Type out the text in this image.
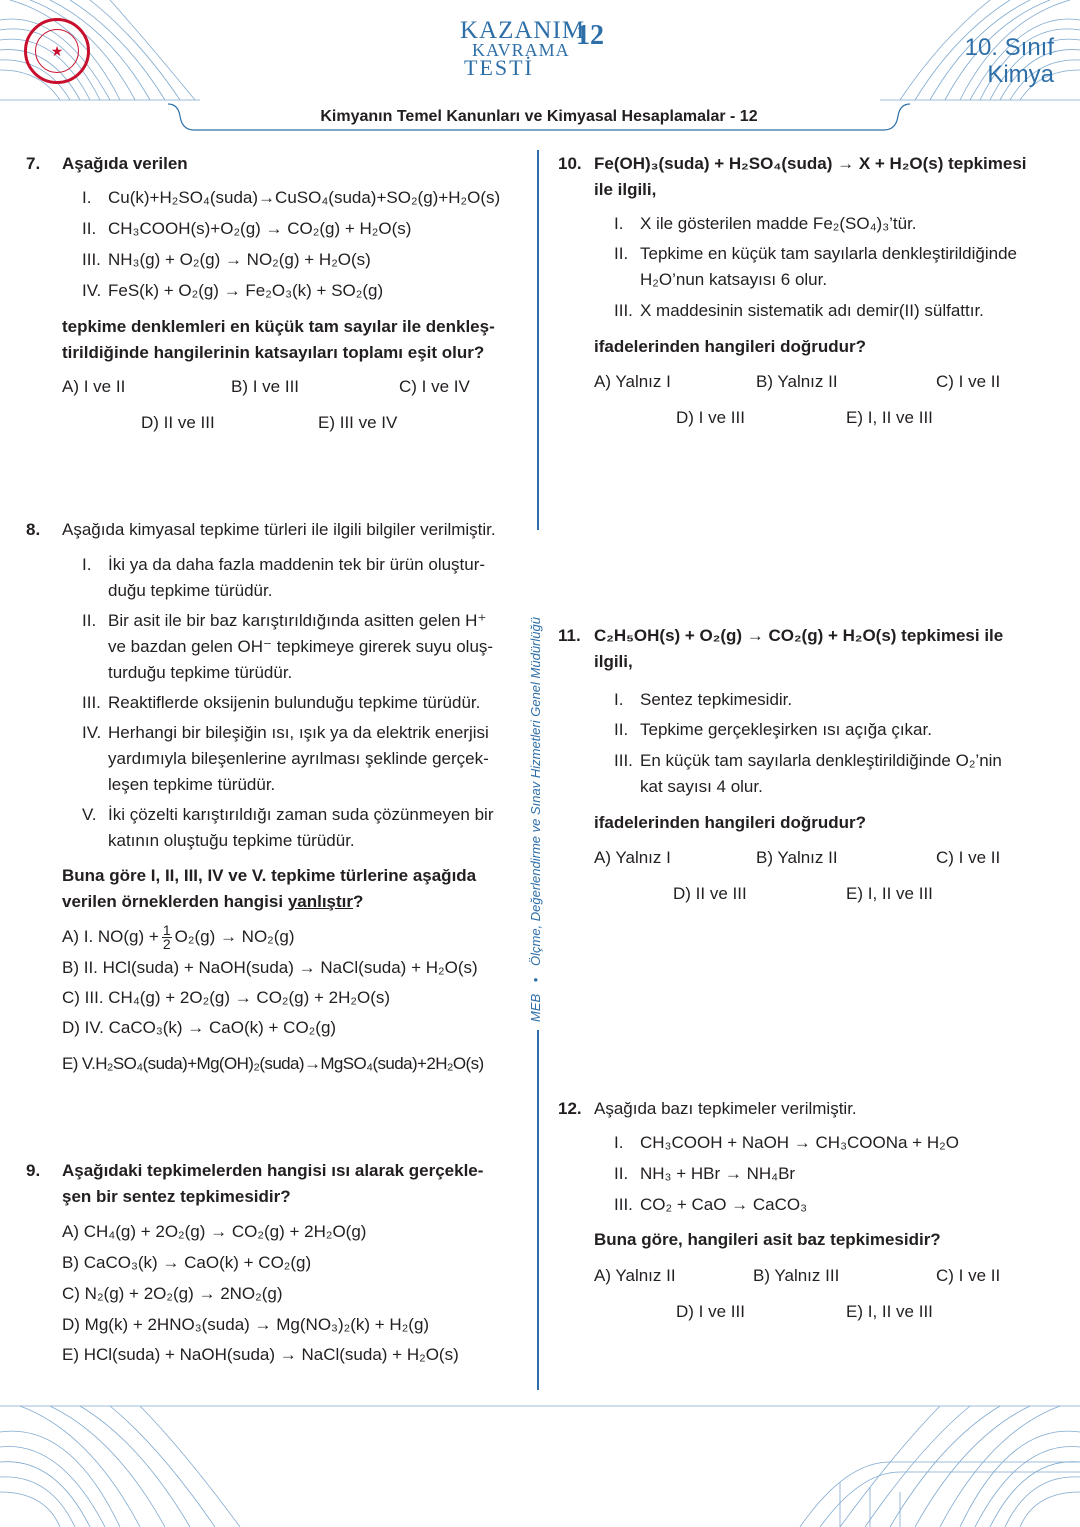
★
KAZANIM
KAVRAMA
TESTİ
12	10. Sınıf
Kimya
Kimyanın Temel Kanunları ve Kimyasal Hesaplamalar - 12
MEB • Ölçme, Değerlendirme ve Sınav Hizmetleri Genel Müdürlüğü
7. Aşağıda verilen
I. Cu(k)+H₂SO₄(suda)→CuSO₄(suda)+SO₂(g)+H₂O(s)
II. CH₃COOH(s)+O₂(g) → CO₂(g) + H₂O(s)
III. NH₃(g) + O₂(g) → NO₂(g) + H₂O(s)
IV. FeS(k) + O₂(g) → Fe₂O₃(k) + SO₂(g)
tepkime denklemleri en küçük tam sayılar ile denkleş-
tirildiğinde hangilerinin katsayıları toplamı eşit olur?
A) I ve II	B) I ve III	C) I ve IV
D) II ve III	E) III ve IV
8. Aşağıda kimyasal tepkime türleri ile ilgili bilgiler verilmiştir.
I. İki ya da daha fazla maddenin tek bir ürün oluştur-
duğu tepkime türüdür.
II. Bir asit ile bir baz karıştırıldığında asitten gelen H⁺
ve bazdan gelen OH⁻ tepkimeye girerek suyu oluş-
turduğu tepkime türüdür.
III. Reaktiflerde oksijenin bulunduğu tepkime türüdür.
IV. Herhangi bir bileşiğin ısı, ışık ya da elektrik enerjisi
yardımıyla bileşenlerine ayrılması şeklinde gerçek-
leşen tepkime türüdür.
V. İki çözelti karıştırıldığı zaman suda çözünmeyen bir
katının oluştuğu tepkime türüdür.
Buna göre I, II, III, IV ve V. tepkime türlerine aşağıda
verilen örneklerden hangisi yanlıştır?
A) I. $NO(g) + \frac{1}{2} O_2(g) \to NO_2(g)$
B) II. HCl(suda) + NaOH(suda) → NaCl(suda) + H₂O(s)
C) III. CH₄(g) + 2O₂(g) → CO₂(g) + 2H₂O(s)
D) IV. CaCO₃(k) → CaO(k) + CO₂(g)
E) V.H₂SO₄(suda)+Mg(OH)₂(suda)→MgSO₄(suda)+2H₂O(s)
9. Aşağıdaki tepkimelerden hangisi ısı alarak gerçekle-
şen bir sentez tepkimesidir?
A) CH₄(g) + 2O₂(g) → CO₂(g) + 2H₂O(g)
B) CaCO₃(k) → CaO(k) + CO₂(g)
C) N₂(g) + 2O₂(g) → 2NO₂(g)
D) Mg(k) + 2HNO₃(suda) → Mg(NO₃)₂(k) + H₂(g)
E) HCl(suda) + NaOH(suda) → NaCl(suda) + H₂O(s)
10. Fe(OH)₃(suda) + H₂SO₄(suda) → X + H₂O(s) tepkimesi
ile ilgili,
I. X ile gösterilen madde Fe₂(SO₄)₃’tür.
II. Tepkime en küçük tam sayılarla denkleştirildiğinde
H₂O’nun katsayısı 6 olur.
III. X maddesinin sistematik adı demir(II) sülfattır.
ifadelerinden hangileri doğrudur?
A) Yalnız I	B) Yalnız II	C) I ve II
D) I ve III	E) I, II ve III
11. C₂H₅OH(s) + O₂(g) → CO₂(g) + H₂O(s) tepkimesi ile
ilgili,
I. Sentez tepkimesidir.
II. Tepkime gerçekleşirken ısı açığa çıkar.
III. En küçük tam sayılarla denkleştirildiğinde O₂’nin
kat sayısı 4 olur.
ifadelerinden hangileri doğrudur?
A) Yalnız I	B) Yalnız II	C) I ve II
D) II ve III	E) I, II ve III
12. Aşağıda bazı tepkimeler verilmiştir.
I. CH₃COOH + NaOH → CH₃COONa + H₂O
II. NH₃ + HBr → NH₄Br
III. CO₂ + CaO → CaCO₃
Buna göre, hangileri asit baz tepkimesidir?
A) Yalnız II	B) Yalnız III	C) I ve II
D) I ve III	E) I, II ve III
